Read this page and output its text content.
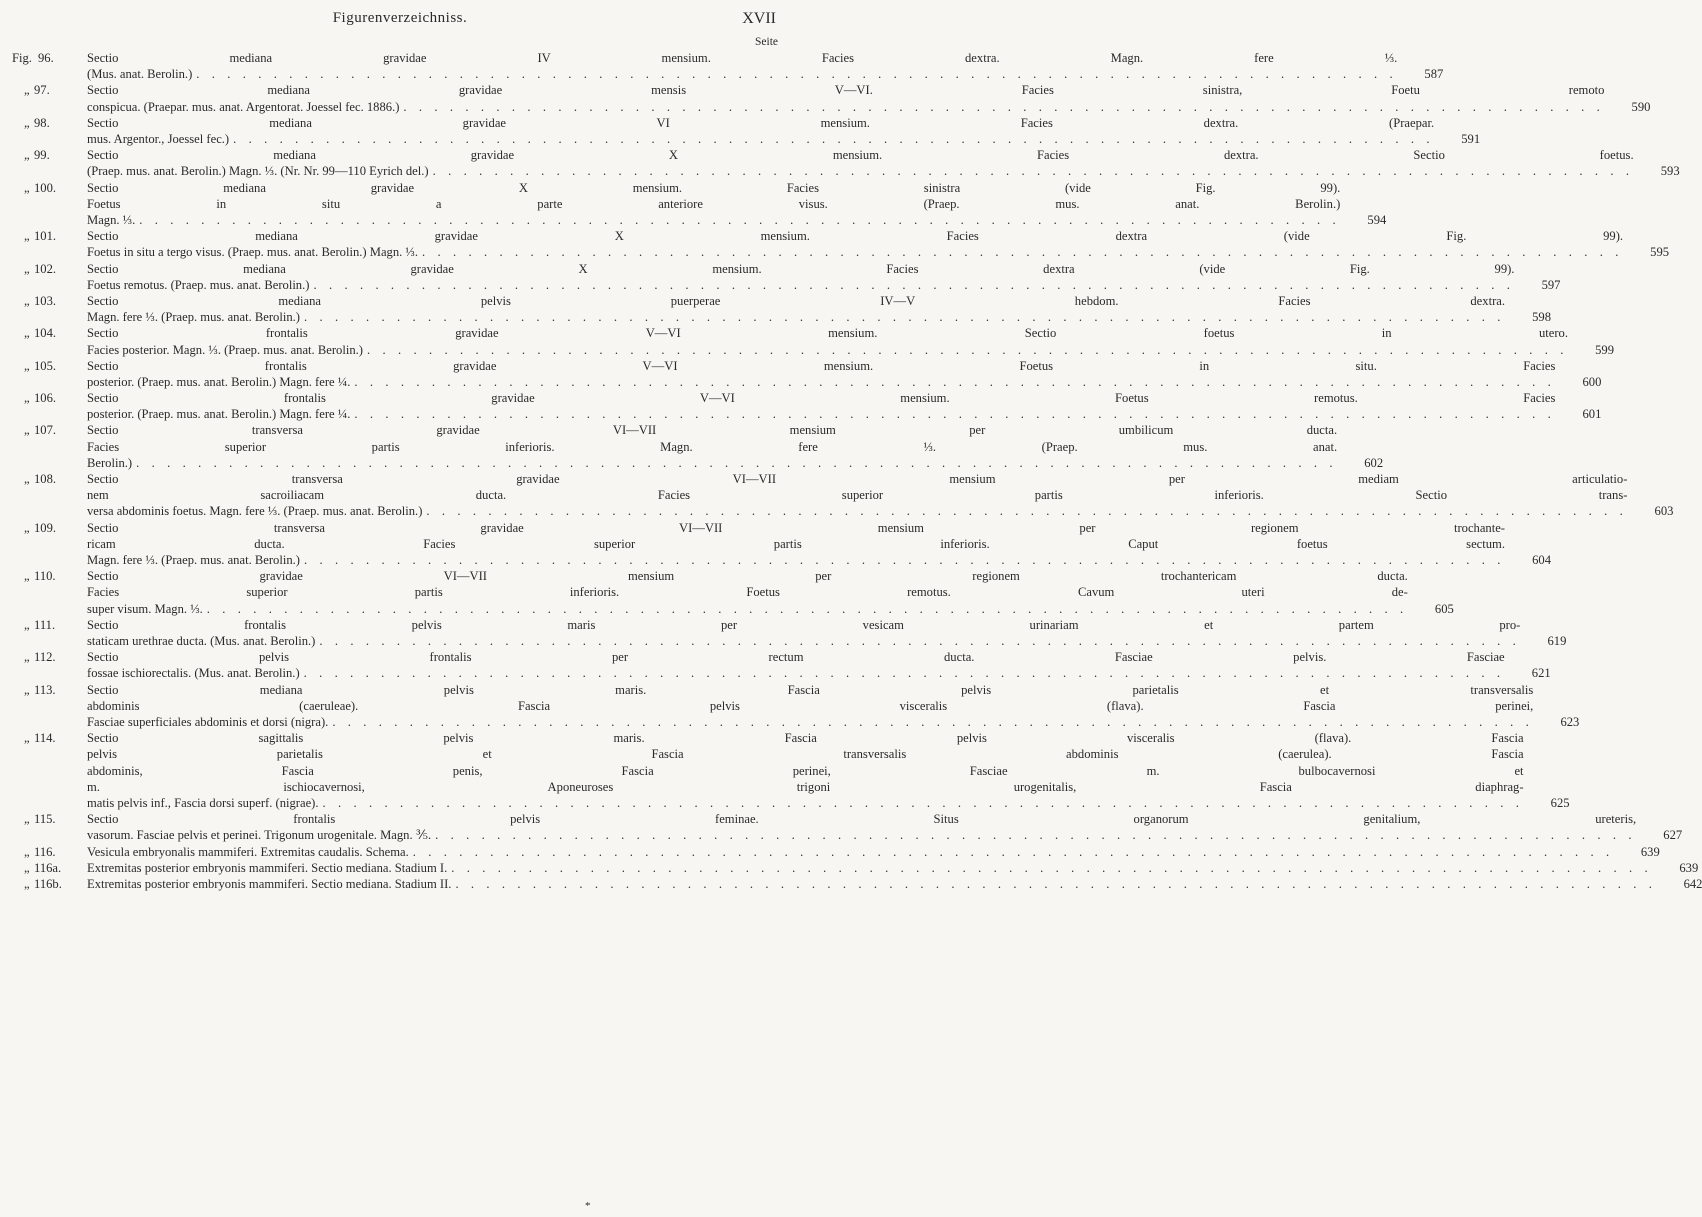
Figurenverzeichniss.	XVII
Seite
Fig. 96.	Sectio mediana gravidae IV mensium. Facies dextra. Magn. fere ⅓.
(Mus. anat. Berolin.) . . .	587
„ 97.	Sectio mediana gravidae mensis V—VI. Facies sinistra, Foetu remoto
conspicua. (Praepar. mus. anat. Argentorat. Joessel fec. 1886.) . . .	590
„ 98.	Sectio mediana gravidae VI mensium. Facies dextra. (Praepar.
mus. Argentor., Joessel fec.) . . .	591
„ 99.	Sectio mediana gravidae X mensium. Facies dextra. Sectio foetus.
(Praep. mus. anat. Berolin.) Magn. ⅓. (Nr. Nr. 99—110 Eyrich del.) . . .	593
„ 100.	Sectio mediana gravidae X mensium. Facies sinistra (vide Fig. 99).
Foetus in situ a parte anteriore visus. (Praep. mus. anat. Berolin.)
Magn. ⅓. . . .	594
„ 101.	Sectio mediana gravidae X mensium. Facies dextra (vide Fig. 99).
Foetus in situ a tergo visus. (Praep. mus. anat. Berolin.) Magn. ⅓. . . .	595
„ 102.	Sectio mediana gravidae X mensium. Facies dextra (vide Fig. 99).
Foetus remotus. (Praep. mus. anat. Berolin.) . . .	597
„ 103.	Sectio mediana pelvis puerperae IV—V hebdom. Facies dextra.
Magn. fere ⅓. (Praep. mus. anat. Berolin.) . . .	598
„ 104.	Sectio frontalis gravidae V—VI mensium. Sectio foetus in utero.
Facies posterior. Magn. ⅓. (Praep. mus. anat. Berolin.) . . .	599
„ 105.	Sectio frontalis gravidae V—VI mensium. Foetus in situ. Facies
posterior. (Praep. mus. anat. Berolin.) Magn. fere ¼. . . .	600
„ 106.	Sectio frontalis gravidae V—VI mensium. Foetus remotus. Facies
posterior. (Praep. mus. anat. Berolin.) Magn. fere ¼. . . .	601
„ 107.	Sectio transversa gravidae VI—VII mensium per umbilicum ducta.
Facies superior partis inferioris. Magn. fere ⅓. (Praep. mus. anat.
Berolin.) . . .	602
„ 108.	Sectio transversa gravidae VI—VII mensium per mediam articulatio-
nem sacroiliacam ducta. Facies superior partis inferioris. Sectio trans-
versa abdominis foetus. Magn. fere ⅓. (Praep. mus. anat. Berolin.) . . .	603
„ 109.	Sectio transversa gravidae VI—VII mensium per regionem trochante-
ricam ducta. Facies superior partis inferioris. Caput foetus sectum.
Magn. fere ⅓. (Praep. mus. anat. Berolin.) . . .	604
„ 110.	Sectio gravidae VI—VII mensium per regionem trochantericam ducta.
Facies superior partis inferioris. Foetus remotus. Cavum uteri de-
super visum. Magn. ⅓. . . .	605
„ 111.	Sectio frontalis pelvis maris per vesicam urinariam et partem pro-
staticam urethrae ducta. (Mus. anat. Berolin.) . . .	619
„ 112.	Sectio pelvis frontalis per rectum ducta. Fasciae pelvis. Fasciae
fossae ischiorectalis. (Mus. anat. Berolin.) . . .	621
„ 113.	Sectio mediana pelvis maris. Fascia pelvis parietalis et transversalis
abdominis (caeruleae). Fascia pelvis visceralis (flava). Fascia perinei,
Fasciae superficiales abdominis et dorsi (nigra). . . .	623
„ 114.	Sectio sagittalis pelvis maris. Fascia pelvis visceralis (flava). Fascia
pelvis parietalis et Fascia transversalis abdominis (caerulea). Fascia
abdominis, Fascia penis, Fascia perinei, Fasciae m. bulbocavernosi et
m. ischiocavernosi, Aponeuroses trigoni urogenitalis, Fascia diaphrag-
matis pelvis inf., Fascia dorsi superf. (nigrae). . . .	625
„ 115.	Sectio frontalis pelvis feminae. Situs organorum genitalium, ureteris,
vasorum. Fasciae pelvis et perinei. Trigonum urogenitale. Magn. ⅗. . . .	627
„ 116.	Vesicula embryonalis mammiferi. Extremitas caudalis. Schema. . . .	639
„ 116a.	Extremitas posterior embryonis mammiferi. Sectio mediana. Stadium I. . . .	639
„ 116b.	Extremitas posterior embryonis mammiferi. Sectio mediana. Stadium II. . . .	642
*
